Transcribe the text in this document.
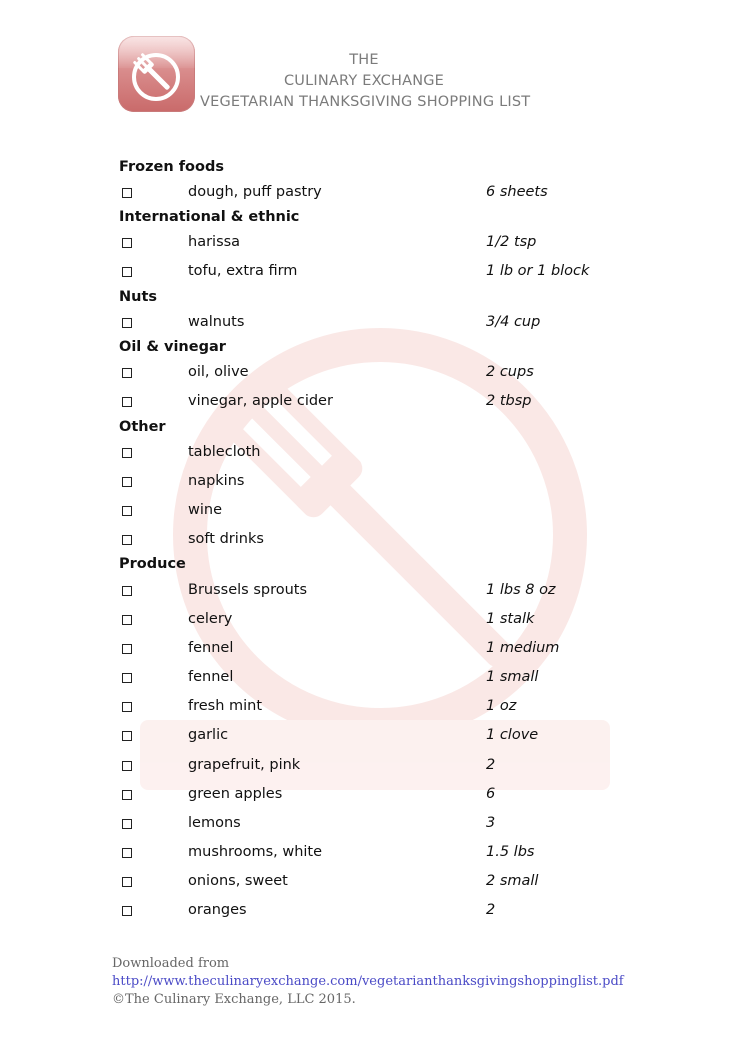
THE
CULINARY EXCHANGE
VEGETARIAN THANKSGIVING SHOPPING LIST
Frozen foods
dough, puff pastry	6 sheets
International & ethnic
harissa	1/2 tsp
tofu, extra firm	1 lb or 1 block
Nuts
walnuts	3/4 cup
Oil & vinegar
oil, olive	2 cups
vinegar, apple cider	2 tbsp
Other
tablecloth
napkins
wine
soft drinks
Produce
Brussels sprouts	1 lbs 8 oz
celery	1 stalk
fennel	1 medium
fennel	1 small
fresh mint	1 oz
garlic	1 clove
grapefruit, pink	2
green apples	6
lemons	3
mushrooms, white	1.5 lbs
onions, sweet	2 small
oranges	2
Downloaded from
http://www.theculinaryexchange.com/vegetarianthanksgivingshoppinglist.pdf
©The Culinary Exchange, LLC 2015.
